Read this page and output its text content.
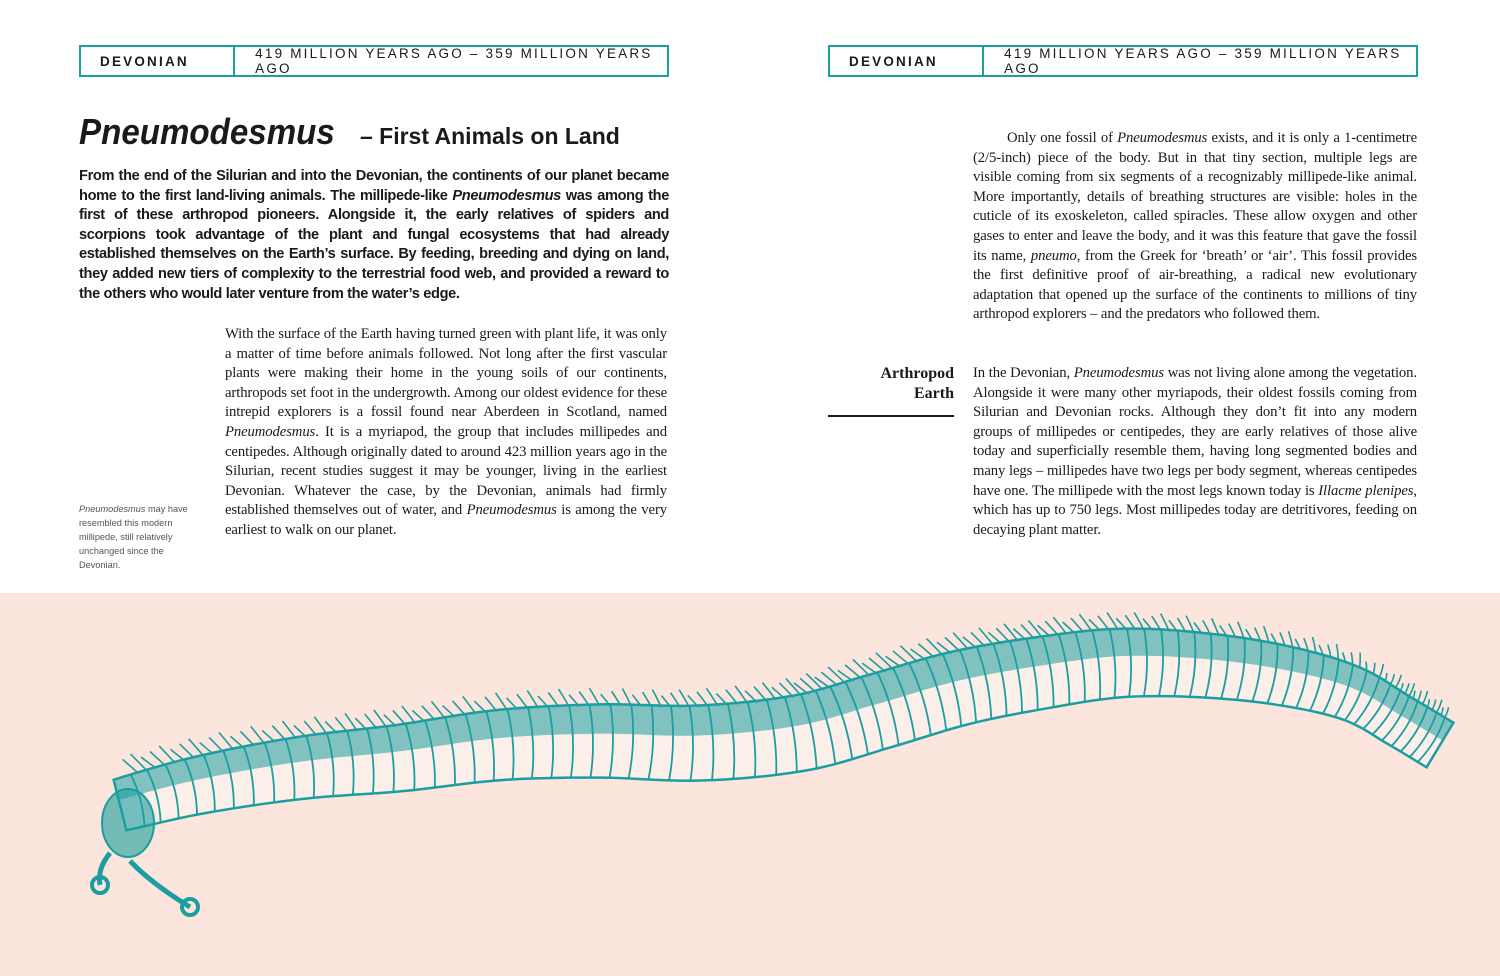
DEVONIAN	419 MILLION YEARS AGO – 359 MILLION YEARS AGO	DEVONIAN	419 MILLION YEARS AGO – 359 MILLION YEARS AGO
Pneumodesmus – First Animals on Land

From the end of the Silurian and into the Devonian, the continents of our planet became home to the first land-living animals. The millipede-like Pneumodesmus was among the first of these arthropod pioneers. Alongside it, the early relatives of spiders and scorpions took advantage of the plant and fungal ecosystems that had already established themselves on the Earth’s surface. By feeding, breeding and dying on land, they added new tiers of complexity to the terrestrial food web, and provided a reward to the others who would later venture from the water’s edge.

With the surface of the Earth having turned green with plant life, it was only a matter of time before animals followed. Not long after the first vascular plants were making their home in the young soils of our continents, arthropods set foot in the undergrowth. Among our oldest evidence for these intrepid explorers is a fossil found near Aberdeen in Scotland, named Pneumodesmus. It is a myriapod, the group that includes millipedes and centipedes. Although originally dated to around 423 million years ago in the Silurian, recent studies suggest it may be younger, living in the earliest Devonian. Whatever the case, by the Devonian, animals had firmly established themselves out of water, and Pneumodesmus is among the very earliest to walk on our planet.

Pneumodesmus may have resembled this modern millipede, still relatively unchanged since the Devonian.

Only one fossil of Pneumodesmus exists, and it is only a 1-centimetre (2/5-inch) piece of the body. But in that tiny section, multiple legs are visible coming from six segments of a recognizably millipede-like animal. More importantly, details of breathing structures are visible: holes in the cuticle of its exoskeleton, called spiracles. These allow oxygen and other gases to enter and leave the body, and it was this feature that gave the fossil its name, pneumo, from the Greek for ‘breath’ or ‘air’. This fossil provides the first definitive proof of air-breathing, a radical new evolutionary adaptation that opened up the surface of the continents to millions of tiny arthropod explorers – and the predators who followed them.

Arthropod
Earth

In the Devonian, Pneumodesmus was not living alone among the vegetation. Alongside it were many other myriapods, their oldest fossils coming from Silurian and Devonian rocks. Although they don’t fit into any modern groups of millipedes or centipedes, they are early relatives of those alive today and superficially resemble them, having long segmented bodies and many legs – millipedes have two legs per body segment, whereas centipedes have one. The millipede with the most legs known today is Illacme plenipes, which has up to 750 legs. Most millipedes today are detritivores, feeding on decaying plant matter.
